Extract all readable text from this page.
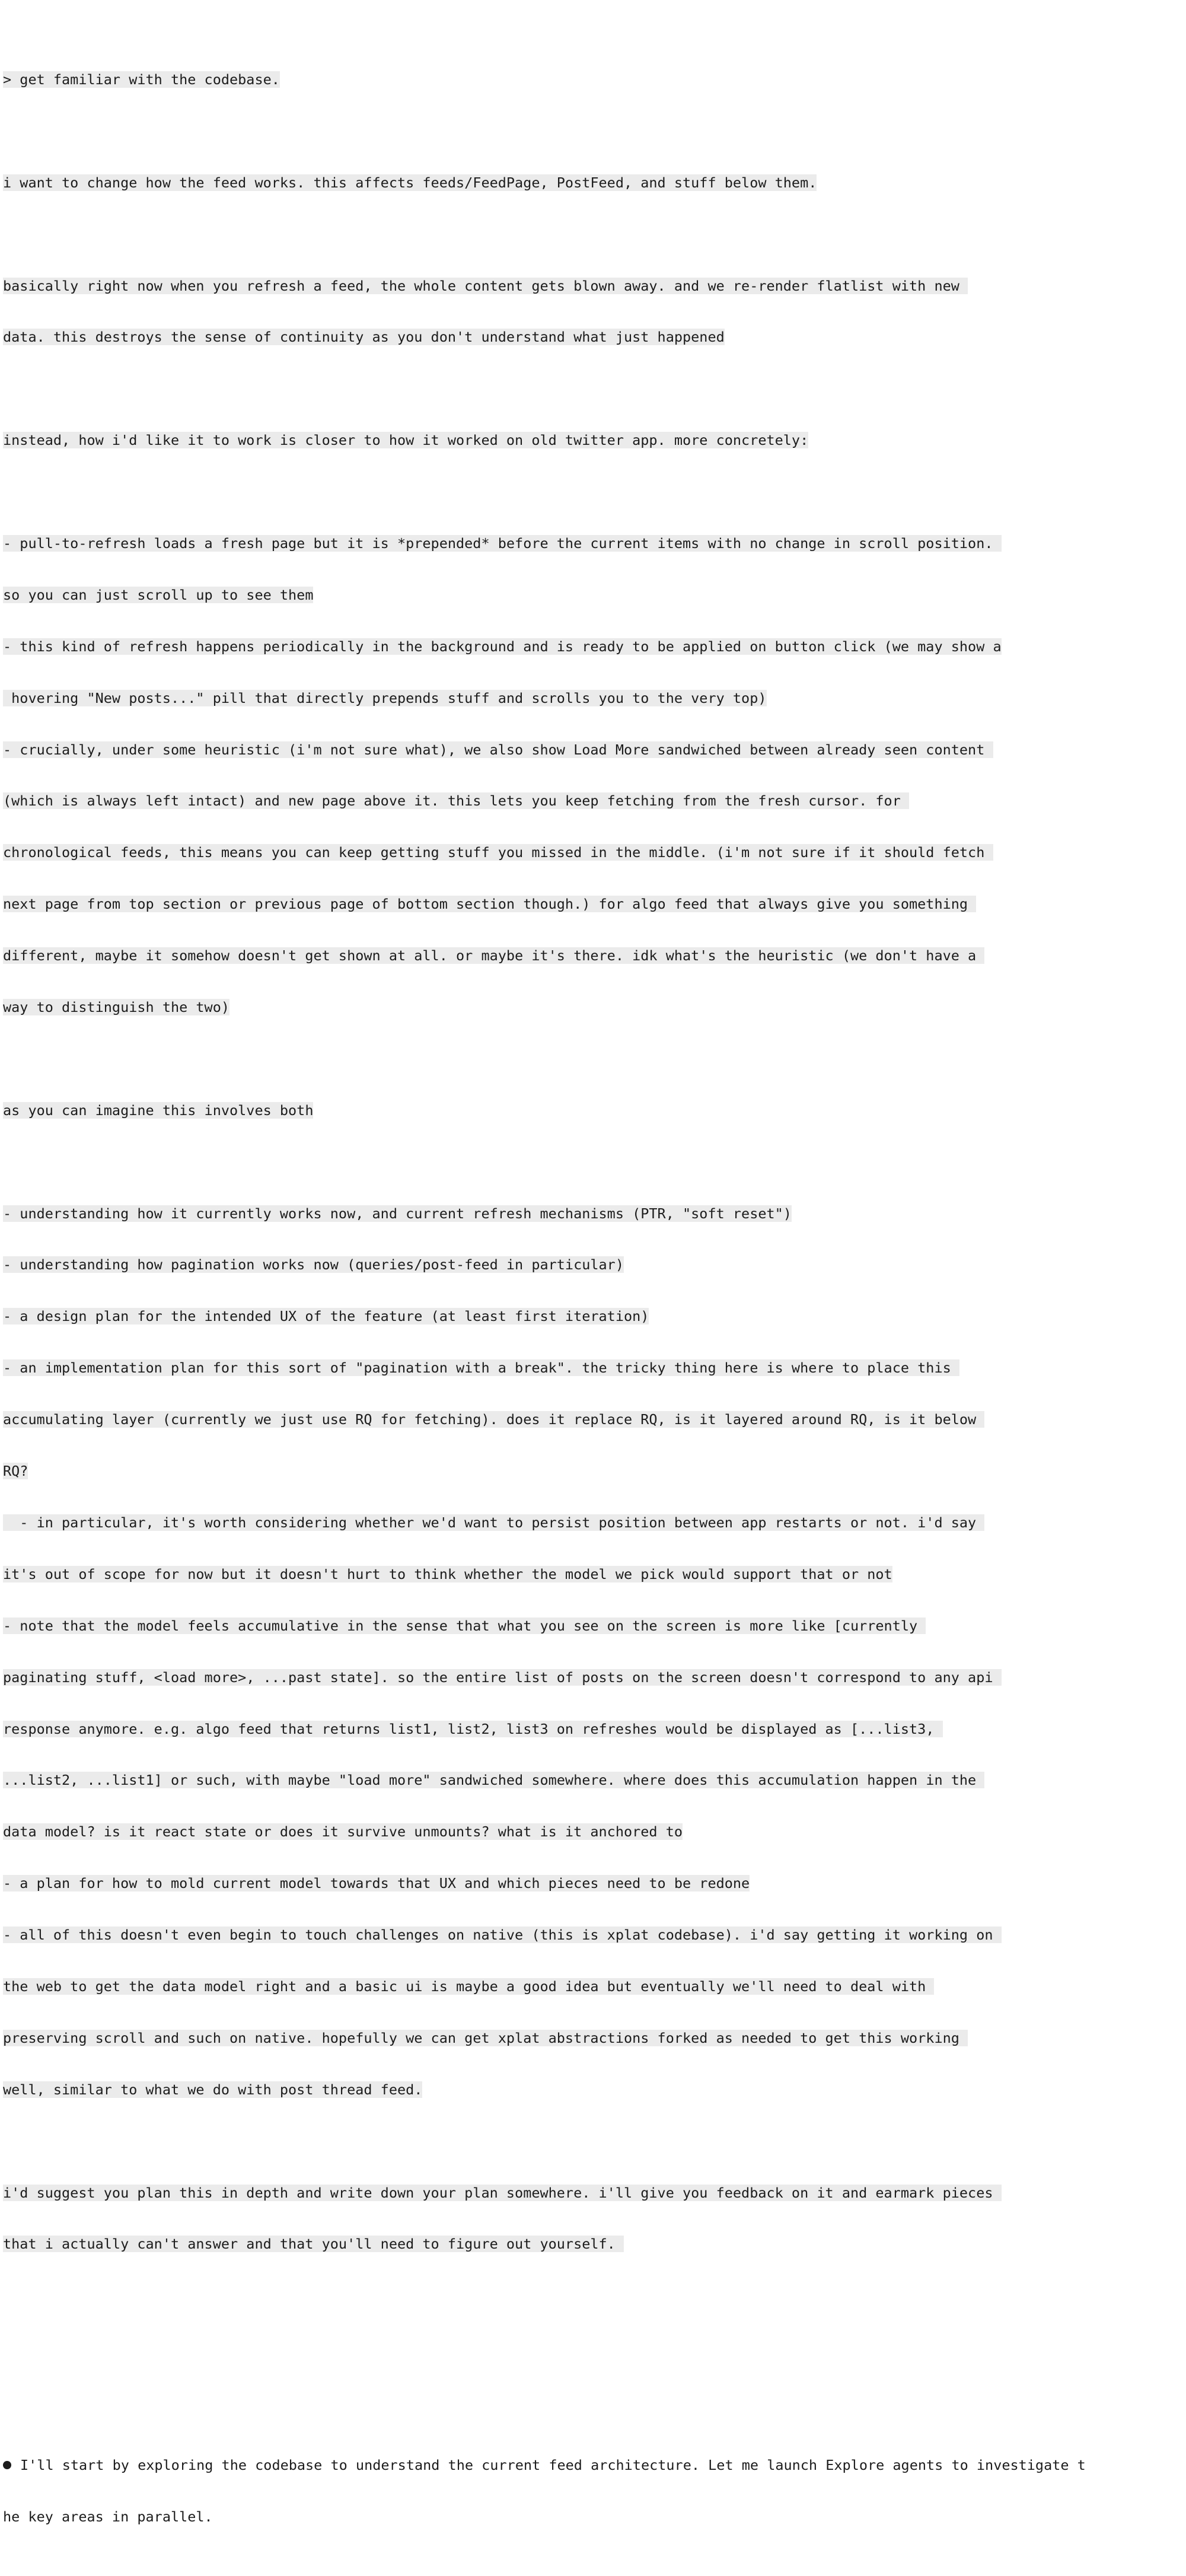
> get familiar with the codebase.

i want to change how the feed works. this affects feeds/FeedPage, PostFeed, and stuff below them.

basically right now when you refresh a feed, the whole content gets blown away. and we re-render flatlist with new

data. this destroys the sense of continuity as you don't understand what just happened

instead, how i'd like it to work is closer to how it worked on old twitter app. more concretely:

- pull-to-refresh loads a fresh page but it is *prepended* before the current items with no change in scroll position.

so you can just scroll up to see them

- this kind of refresh happens periodically in the background and is ready to be applied on button click (we may show a

hovering "New posts..." pill that directly prepends stuff and scrolls you to the very top)

- crucially, under some heuristic (i'm not sure what), we also show Load More sandwiched between already seen content

(which is always left intact) and new page above it. this lets you keep fetching from the fresh cursor. for

chronological feeds, this means you can keep getting stuff you missed in the middle. (i'm not sure if it should fetch

next page from top section or previous page of bottom section though.) for algo feed that always give you something

different, maybe it somehow doesn't get shown at all. or maybe it's there. idk what's the heuristic (we don't have a

way to distinguish the two)

as you can imagine this involves both

- understanding how it currently works now, and current refresh mechanisms (PTR, "soft reset")

- understanding how pagination works now (queries/post-feed in particular)

- a design plan for the intended UX of the feature (at least first iteration)

- an implementation plan for this sort of "pagination with a break". the tricky thing here is where to place this

accumulating layer (currently we just use RQ for fetching). does it replace RQ, is it layered around RQ, is it below

RQ?

- in particular, it's worth considering whether we'd want to persist position between app restarts or not. i'd say

it's out of scope for now but it doesn't hurt to think whether the model we pick would support that or not

- note that the model feels accumulative in the sense that what you see on the screen is more like [currently

paginating stuff, <load more>, ...past state]. so the entire list of posts on the screen doesn't correspond to any api

response anymore. e.g. algo feed that returns list1, list2, list3 on refreshes would be displayed as [...list3,

...list2, ...list1] or such, with maybe "load more" sandwiched somewhere. where does this accumulation happen in the

data model? is it react state or does it survive unmounts? what is it anchored to

- a plan for how to mold current model towards that UX and which pieces need to be redone

- all of this doesn't even begin to touch challenges on native (this is xplat codebase). i'd say getting it working on

the web to get the data model right and a basic ui is maybe a good idea but eventually we'll need to deal with

preserving scroll and such on native. hopefully we can get xplat abstractions forked as needed to get this working

well, similar to what we do with post thread feed.

i'd suggest you plan this in depth and write down your plan somewhere. i'll give you feedback on it and earmark pieces

that i actually can't answer and that you'll need to figure out yourself.

I'll start by exploring the codebase to understand the current feed architecture. Let me launch Explore agents to investigate t

he key areas in parallel.
